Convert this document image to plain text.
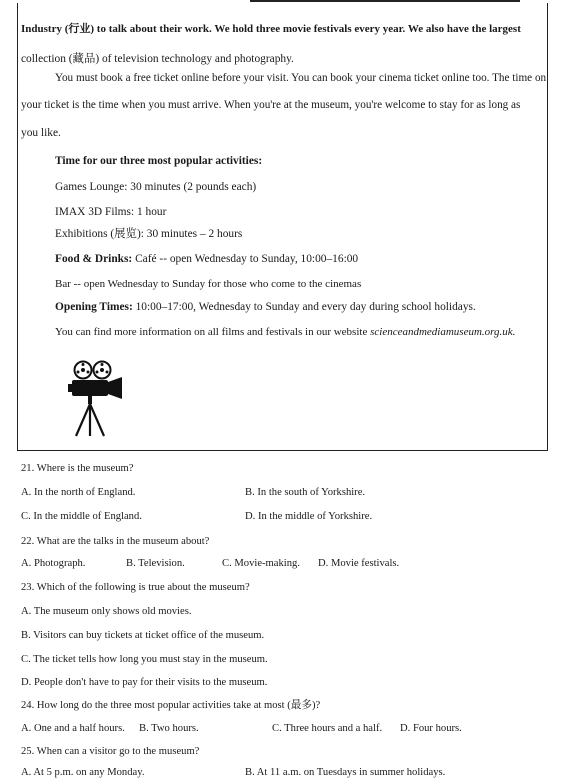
Industry (行业) to talk about their work. We hold three movie festivals every year. We also have the largest
collection (藏品) of television technology and photography.
You must book a free ticket online before your visit. You can book your cinema ticket online too. The time on
your ticket is the time when you must arrive. When you're at the museum, you're welcome to stay for as long as
you like.
Time for our three most popular activities:
Games Lounge: 30 minutes (2 pounds each)
IMAX 3D Films: 1 hour
Exhibitions (展览): 30 minutes – 2 hours
Food & Drinks: Café -- open Wednesday to Sunday, 10:00–16:00
Bar -- open Wednesday to Sunday for those who come to the cinemas
Opening Times: 10:00–17:00, Wednesday to Sunday and every day during school holidays.
You can find more information on all films and festivals in our website scienceandmediamuseum.org.uk.
21. Where is the museum?
A. In the north of England.	B. In the south of Yorkshire.
C. In the middle of England.	D. In the middle of Yorkshire.
22. What are the talks in the museum about?
A. Photograph.	B. Television.	C. Movie-making. D. Movie festivals.
23. Which of the following is true about the museum?
A. The museum only shows old movies.
B. Visitors can buy tickets at ticket office of the museum.
C. The ticket tells how long you must stay in the museum.
D. People don't have to pay for their visits to the museum.
24. How long do the three most popular activities take at most (最多)?
A. One and a half hours. B. Two hours.	C. Three hours and a half. D. Four hours.
25. When can a visitor go to the museum?
A. At 5 p.m. on any Monday.	B. At 11 a.m. on Tuesdays in summer holidays.
